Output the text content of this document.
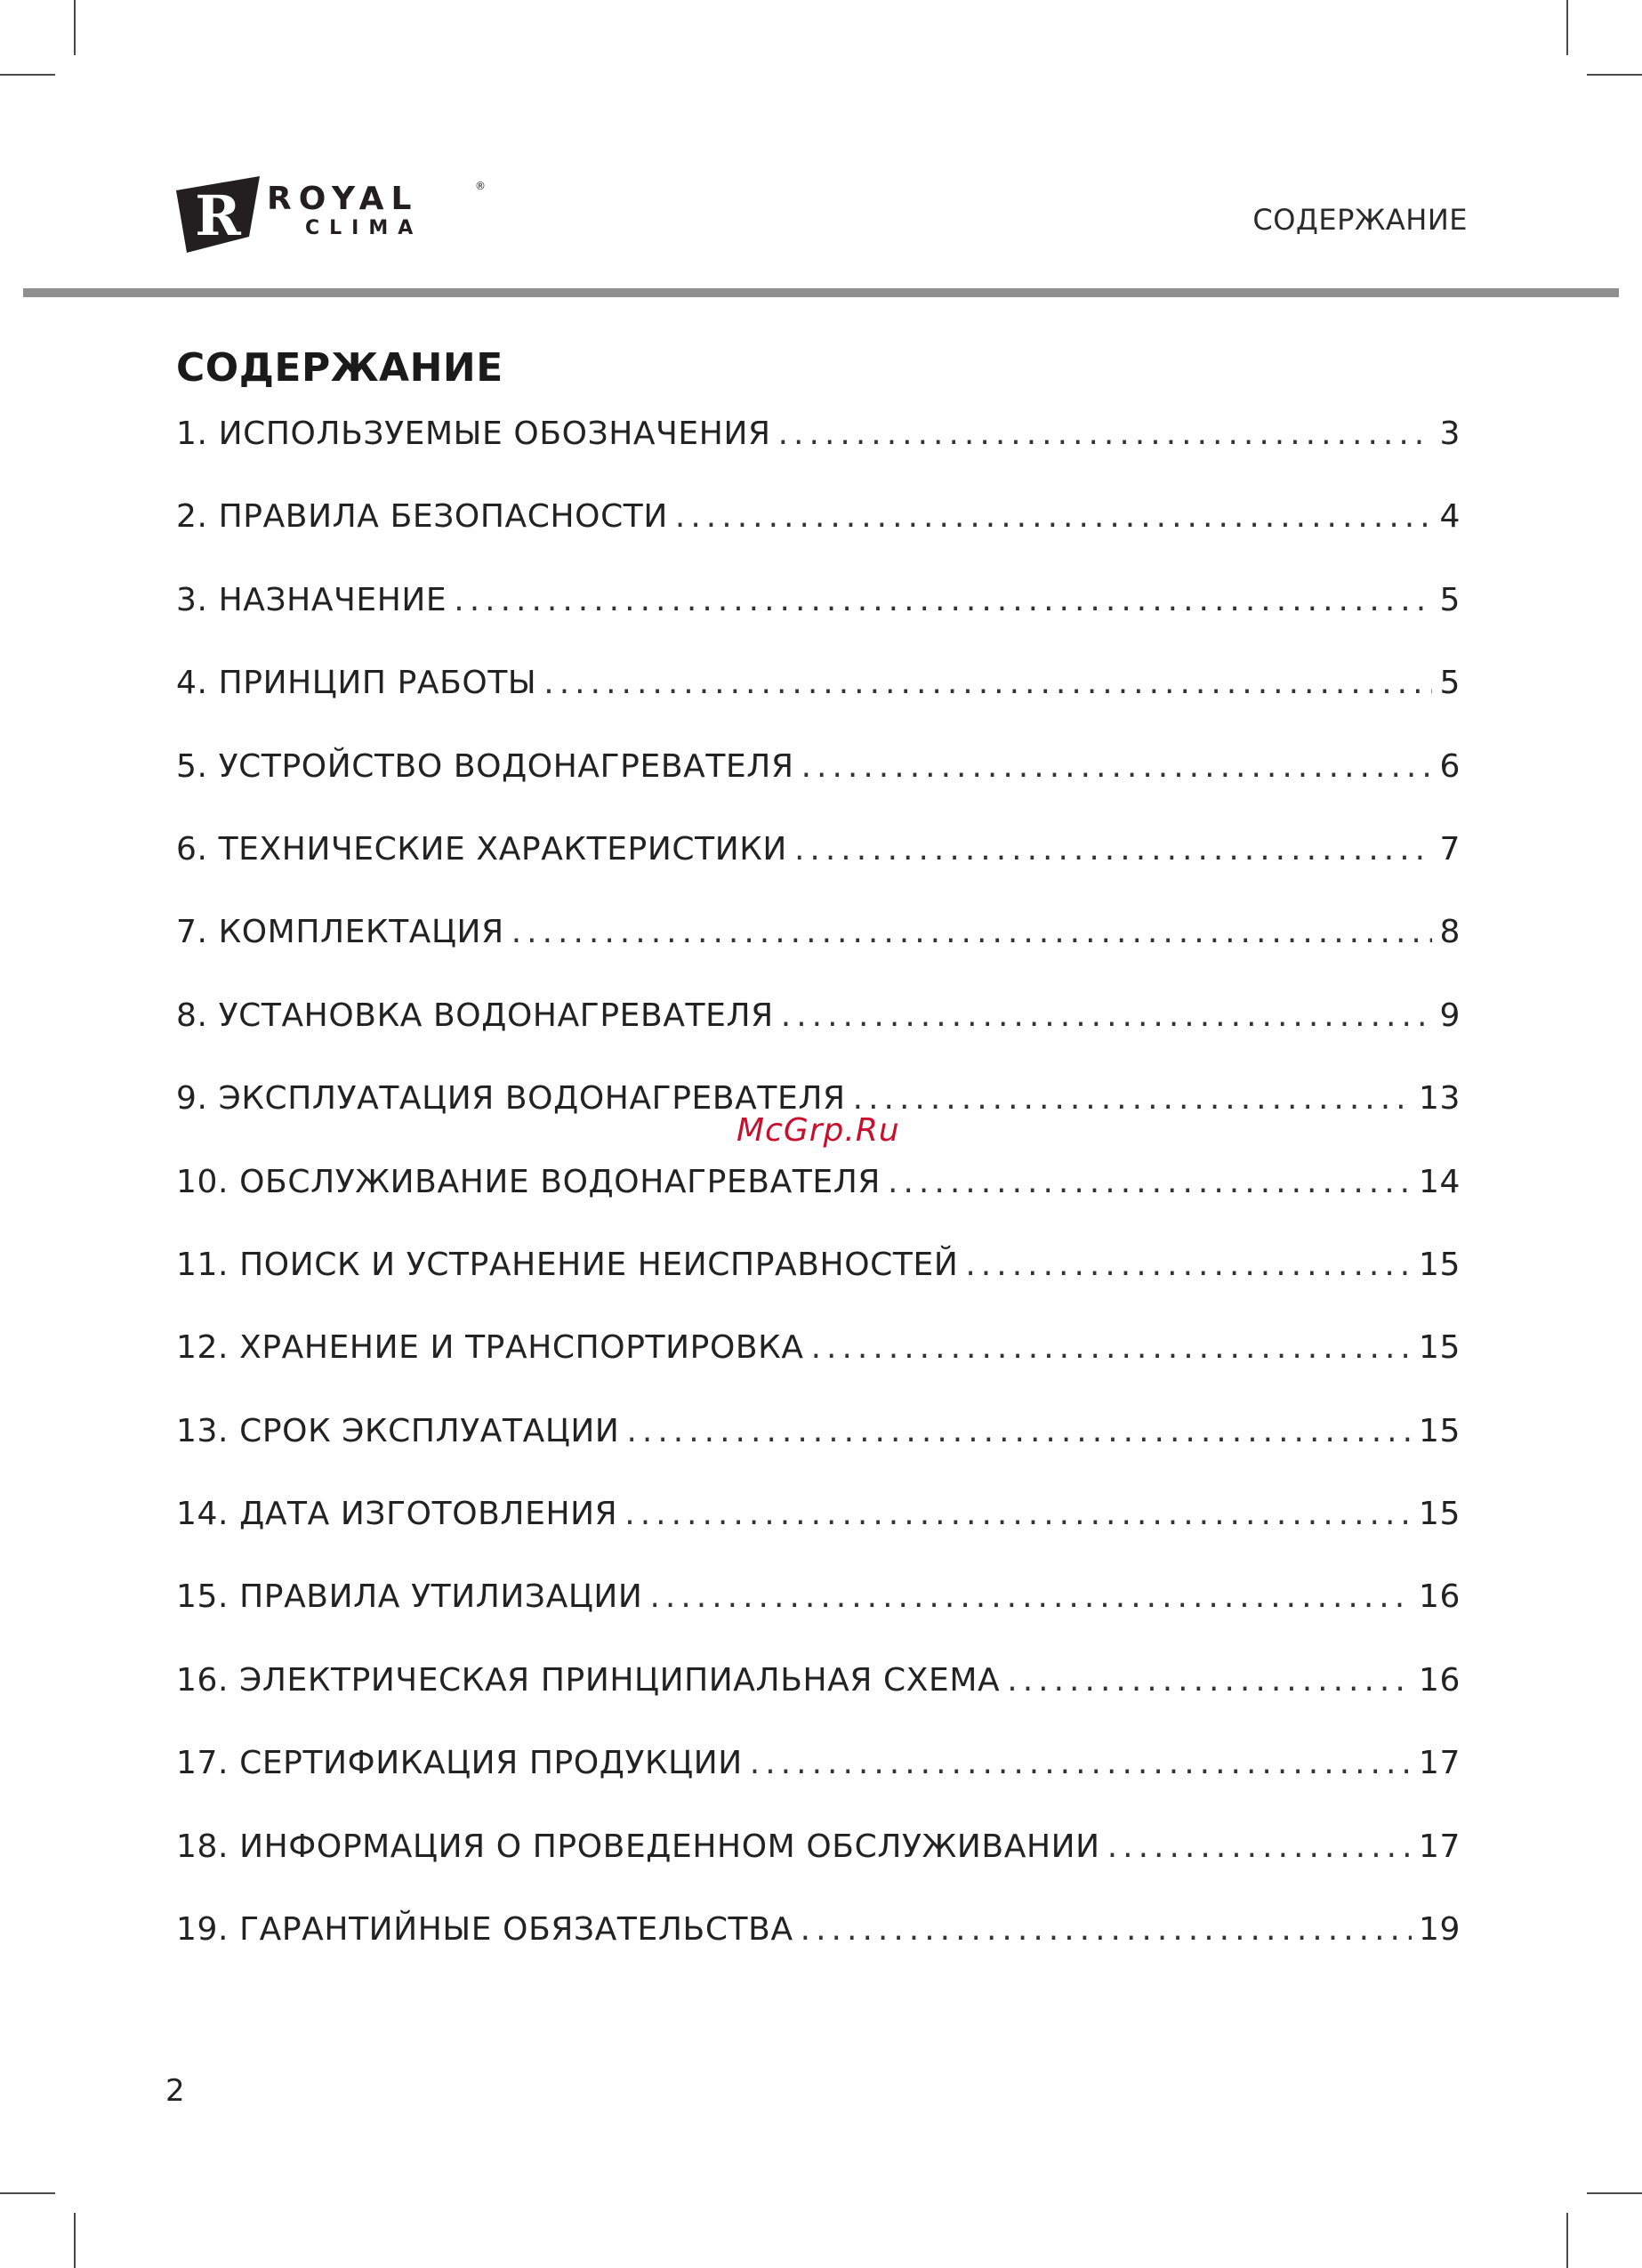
R ROYAL	®
CLIMA	СОДЕРЖАНИЕ
СОДЕРЖАНИЕ
1. ИСПОЛЬЗУЕМЫЕ ОБОЗНАЧЕНИЯ .....	3
2. ПРАВИЛА БЕЗОПАСНОСТИ .....	4
3. НАЗНАЧЕНИЕ .....	5
4. ПРИНЦИП РАБОТЫ .....	5
5. УСТРОЙСТВО ВОДОНАГРЕВАТЕЛЯ .....	6
6. ТЕХНИЧЕСКИЕ ХАРАКТЕРИСТИКИ .....	7
7. КОМПЛЕКТАЦИЯ .....	8
8. УСТАНОВКА ВОДОНАГРЕВАТЕЛЯ .....	9
9. ЭКСПЛУАТАЦИЯ ВОДОНАГРЕВАТЕЛЯ .....	13
10. ОБСЛУЖИВАНИЕ ВОДОНАГРЕВАТЕЛЯ .....	14
11. ПОИСК И УСТРАНЕНИЕ НЕИСПРАВНОСТЕЙ .....	15
12. ХРАНЕНИЕ И ТРАНСПОРТИРОВКА .....	15
13. СРОК ЭКСПЛУАТАЦИИ .....	15
14. ДАТА ИЗГОТОВЛЕНИЯ .....	15
15. ПРАВИЛА УТИЛИЗАЦИИ .....	16
16. ЭЛЕКТРИЧЕСКАЯ ПРИНЦИПИАЛЬНАЯ СХЕМА .....	16
17. СЕРТИФИКАЦИЯ ПРОДУКЦИИ .....	17
18. ИНФОРМАЦИЯ О ПРОВЕДЕННОМ ОБСЛУЖИВАНИИ .....	17
19. ГАРАНТИЙНЫЕ ОБЯЗАТЕЛЬСТВА .....	19
McGrp.Ru
2
